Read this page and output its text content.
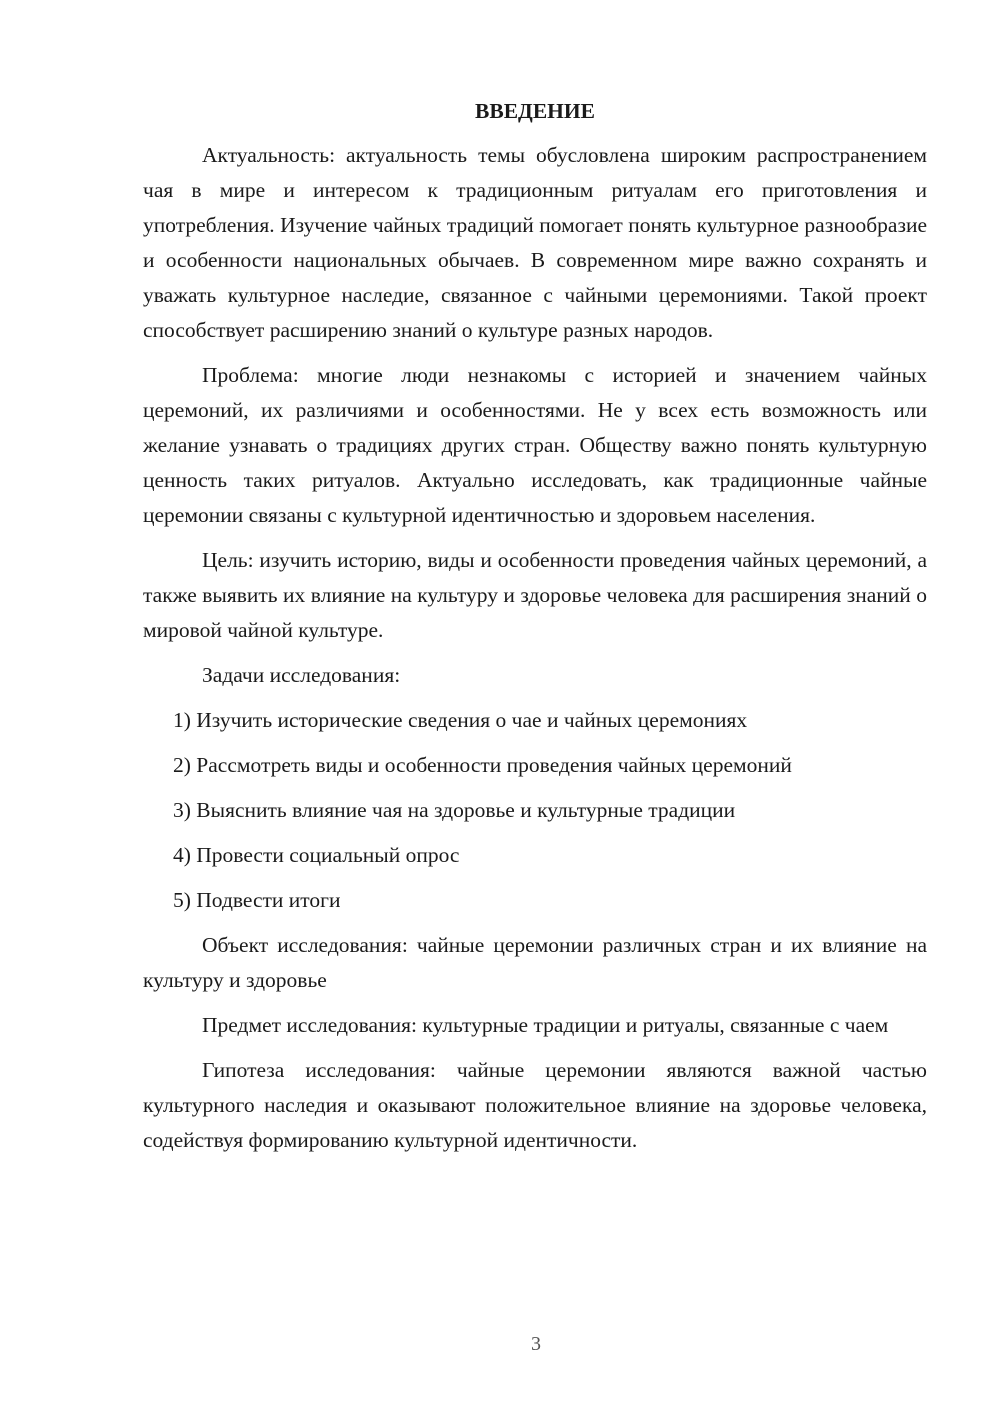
ВВЕДЕНИЕ

Актуальность: актуальность темы обусловлена широким распространением чая в мире и интересом к традиционным ритуалам его приготовления и употребления. Изучение чайных традиций помогает понять культурное разнообразие и особенности национальных обычаев. В современном мире важно сохранять и уважать культурное наследие, связанное с чайными церемониями. Такой проект способствует расширению знаний о культуре разных народов.

Проблема: многие люди незнакомы с историей и значением чайных церемоний, их различиями и особенностями. Не у всех есть возможность или желание узнавать о традициях других стран. Обществу важно понять культурную ценность таких ритуалов. Актуально исследовать, как традиционные чайные церемонии связаны с культурной идентичностью и здоровьем населения.

Цель: изучить историю, виды и особенности проведения чайных церемоний, а также выявить их влияние на культуру и здоровье человека для расширения знаний о мировой чайной культуре.

Задачи исследования:

1) Изучить исторические сведения о чае и чайных церемониях

2) Рассмотреть виды и особенности проведения чайных церемоний

3) Выяснить влияние чая на здоровье и культурные традиции

4) Провести социальный опрос

5) Подвести итоги

Объект исследования: чайные церемонии различных стран и их влияние на культуру и здоровье

Предмет исследования: культурные традиции и ритуалы, связанные с чаем

Гипотеза исследования: чайные церемонии являются важной частью культурного наследия и оказывают положительное влияние на здоровье человека, содействуя формированию культурной идентичности.

3
